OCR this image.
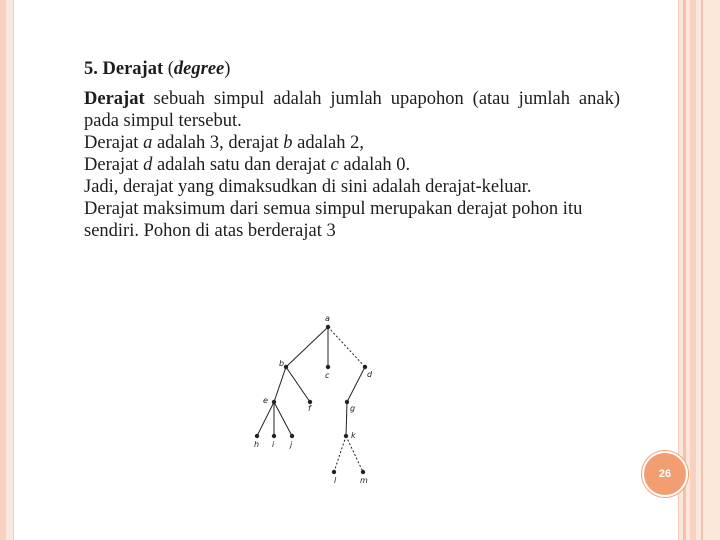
5. Derajat (degree)

Derajat sebuah simpul adalah jumlah upapohon (atau jumlah anak) pada simpul tersebut.

Derajat a adalah 3, derajat b adalah 2,
Derajat d adalah satu dan derajat c adalah 0.

Jadi, derajat yang dimaksudkan di sini adalah derajat-keluar.

Derajat maksimum dari semua simpul merupakan derajat pohon itu sendiri. Pohon di atas berderajat 3

a
b
c	d
e
f	g
h i j
k
l	m
26
